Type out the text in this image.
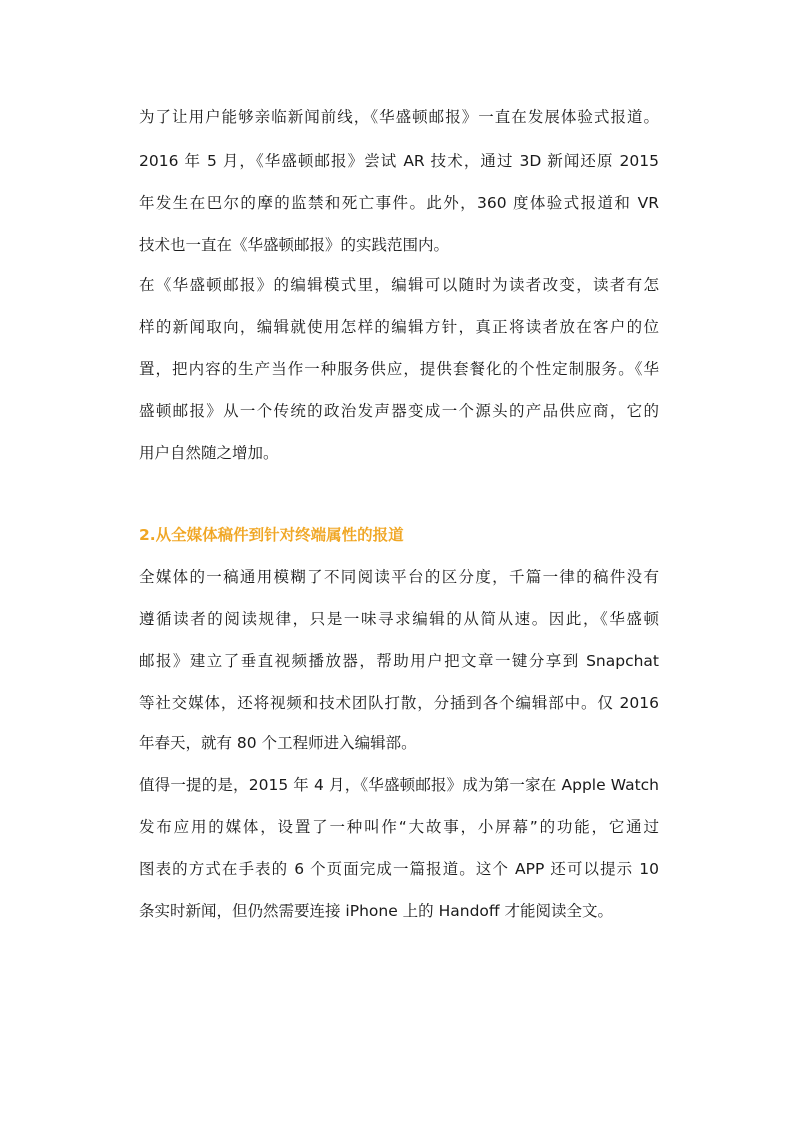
为了让用户能够亲临新闻前线，《华盛顿邮报》一直在发展体验式报道。
2016 年 5 月，《华盛顿邮报》尝试 AR 技术，通过 3D 新闻还原 2015
年发生在巴尔的摩的监禁和死亡事件。此外，360 度体验式报道和 VR
技术也一直在《华盛顿邮报》的实践范围内。
在《华盛顿邮报》的编辑模式里，编辑可以随时为读者改变，读者有怎
样的新闻取向，编辑就使用怎样的编辑方针，真正将读者放在客户的位
置，把内容的生产当作一种服务供应，提供套餐化的个性定制服务。《华
盛顿邮报》从一个传统的政治发声器变成一个源头的产品供应商，它的
用户自然随之增加。
2.从全媒体稿件到针对终端属性的报道
全媒体的一稿通用模糊了不同阅读平台的区分度，千篇一律的稿件没有
遵循读者的阅读规律，只是一味寻求编辑的从简从速。因此，《华盛顿
邮报》建立了垂直视频播放器，帮助用户把文章一键分享到 Snapchat
等社交媒体，还将视频和技术团队打散，分插到各个编辑部中。仅 2016
年春天，就有 80 个工程师进入编辑部。
值得一提的是，2015 年 4 月，《华盛顿邮报》成为第一家在 Apple Watch
发布应用的媒体，设置了一种叫作“大故事，小屏幕”的功能，它通过
图表的方式在手表的 6 个页面完成一篇报道。这个 APP 还可以提示 10
条实时新闻，但仍然需要连接 iPhone 上的 Handoff 才能阅读全文。
